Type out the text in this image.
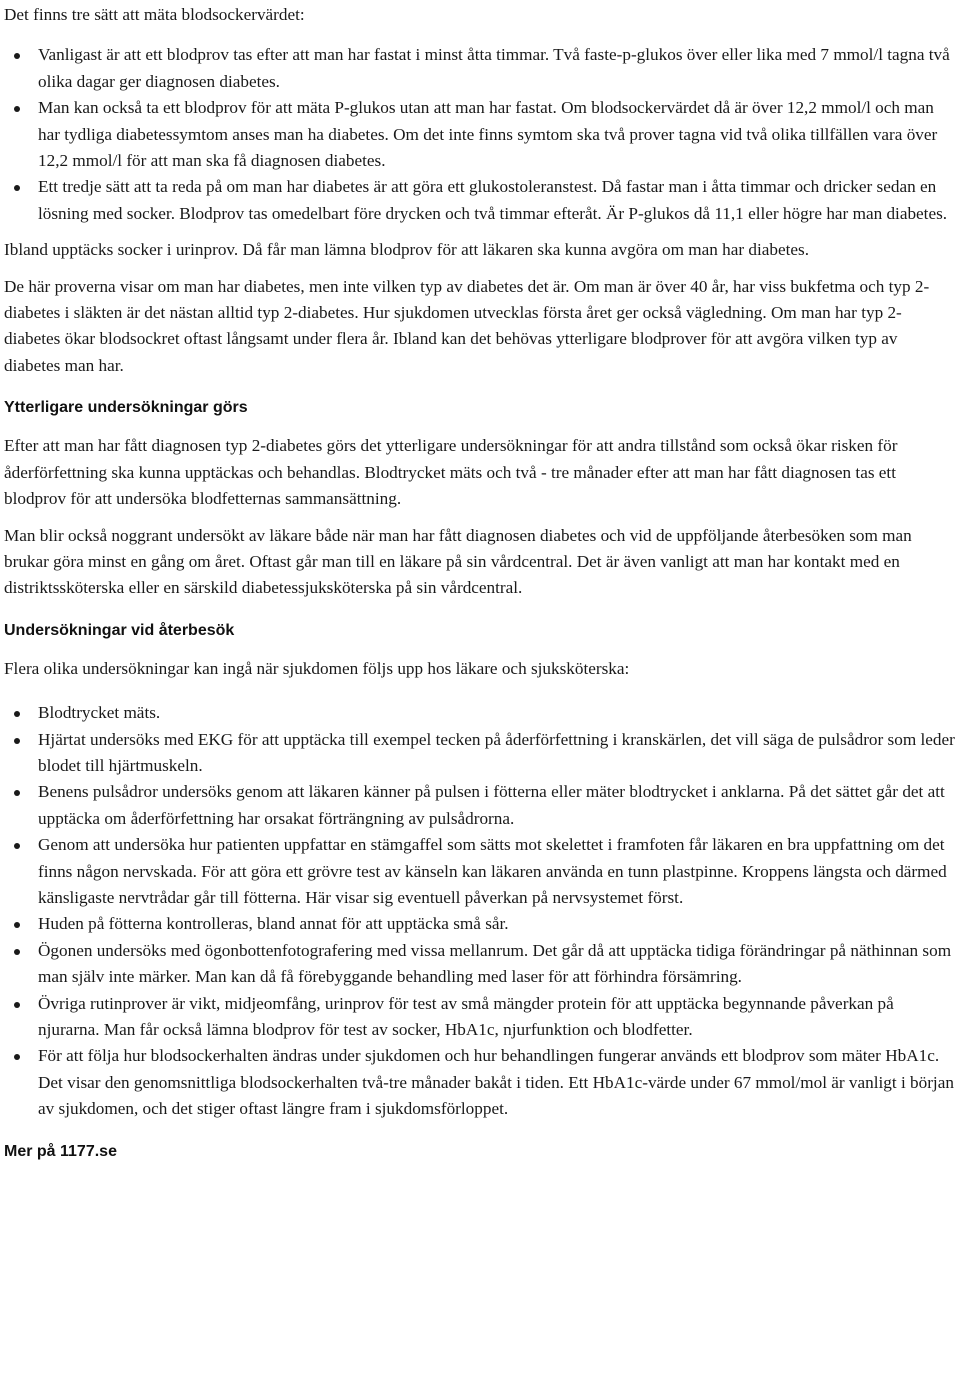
Det finns tre sätt att mäta blodsockervärdet:

Vanligast är att ett blodprov tas efter att man har fastat i minst åtta timmar. Två faste-p-glukos över eller lika med 7 mmol/l tagna två olika dagar ger diagnosen diabetes.
Man kan också ta ett blodprov för att mäta P-glukos utan att man har fastat. Om blodsockervärdet då är över 12,2 mmol/l och man har tydliga diabetessymtom anses man ha diabetes. Om det inte finns symtom ska två prover tagna vid två olika tillfällen vara över 12,2 mmol/l för att man ska få diagnosen diabetes.
Ett tredje sätt att ta reda på om man har diabetes är att göra ett glukostoleranstest. Då fastar man i åtta timmar och dricker sedan en lösning med socker. Blodprov tas omedelbart före drycken och två timmar efteråt. Är P-glukos då 11,1 eller högre har man diabetes.

Ibland upptäcks socker i urinprov. Då får man lämna blodprov för att läkaren ska kunna avgöra om man har diabetes.

De här proverna visar om man har diabetes, men inte vilken typ av diabetes det är. Om man är över 40 år, har viss bukfetma och typ 2-diabetes i släkten är det nästan alltid typ 2-diabetes. Hur sjukdomen utvecklas första året ger också vägledning. Om man har typ 2-diabetes ökar blodsockret oftast långsamt under flera år. Ibland kan det behövas ytterligare blodprover för att avgöra vilken typ av diabetes man har.

Ytterligare undersökningar görs

Efter att man har fått diagnosen typ 2-diabetes görs det ytterligare undersökningar för att andra tillstånd som också ökar risken för åderförfettning ska kunna upptäckas och behandlas. Blodtrycket mäts och två - tre månader efter att man har fått diagnosen tas ett blodprov för att undersöka blodfetternas sammansättning.

Man blir också noggrant undersökt av läkare både när man har fått diagnosen diabetes och vid de uppföljande återbesöken som man brukar göra minst en gång om året. Oftast går man till en läkare på sin vårdcentral. Det är även vanligt att man har kontakt med en distriktssköterska eller en särskild diabetessjuksköterska på sin vårdcentral.

Undersökningar vid återbesök

Flera olika undersökningar kan ingå när sjukdomen följs upp hos läkare och sjuksköterska:

Blodtrycket mäts.
Hjärtat undersöks med EKG för att upptäcka till exempel tecken på åderförfettning i kranskärlen, det vill säga de pulsådror som leder blodet till hjärtmuskeln.
Benens pulsådror undersöks genom att läkaren känner på pulsen i fötterna eller mäter blodtrycket i anklarna. På det sättet går det att upptäcka om åderförfettning har orsakat förträngning av pulsådrorna.
Genom att undersöka hur patienten uppfattar en stämgaffel som sätts mot skelettet i framfoten får läkaren en bra uppfattning om det finns någon nervskada. För att göra ett grövre test av känseln kan läkaren använda en tunn plastpinne. Kroppens längsta och därmed känsligaste nervtrådar går till fötterna. Här visar sig eventuell påverkan på nervsystemet först.
Huden på fötterna kontrolleras, bland annat för att upptäcka små sår.
Ögonen undersöks med ögonbottenfotografering med vissa mellanrum. Det går då att upptäcka tidiga förändringar på näthinnan som man själv inte märker. Man kan då få förebyggande behandling med laser för att förhindra försämring.
Övriga rutinprover är vikt, midjeomfång, urinprov för test av små mängder protein för att upptäcka begynnande påverkan på njurarna. Man får också lämna blodprov för test av socker, HbA1c, njurfunktion och blodfetter.
För att följa hur blodsockerhalten ändras under sjukdomen och hur behandlingen fungerar används ett blodprov som mäter HbA1c. Det visar den genomsnittliga blodsockerhalten två-tre månader bakåt i tiden. Ett HbA1c-värde under 67 mmol/mol är vanligt i början av sjukdomen, och det stiger oftast längre fram i sjukdomsförloppet.
Mer på 1177.se
